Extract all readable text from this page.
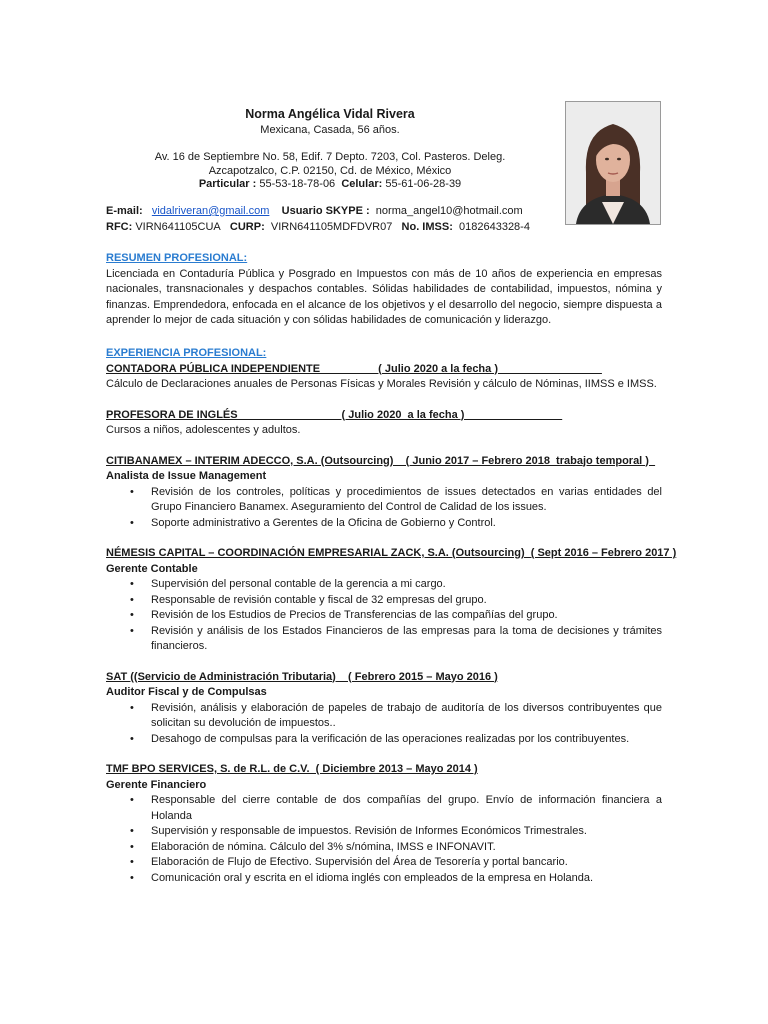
Norma Angélica Vidal Rivera
Mexicana, Casada, 56 años.
Av. 16 de Septiembre No. 58, Edif. 7 Depto. 7203, Col. Pasteros. Deleg.
Azcapotzalco, C.P. 02150, Cd. de México, México
Particular : 55-53-18-78-06 Celular: 55-61-06-28-39
E-mail: vidalriveran@gmail.com Usuario SKYPE : norma_angel10@hotmail.com
RFC: VIRN641105CUA CURP: VIRN641105MDFDVR07 No. IMSS: 0182643328-4
RESUMEN PROFESIONAL:
Licenciada en Contaduría Pública y Posgrado en Impuestos con más de 10 años de experiencia en empresas nacionales, transnacionales y despachos contables. Sólidas habilidades de contabilidad, impuestos, nómina y finanzas. Emprendedora, enfocada en el alcance de los objetivos y el desarrollo del negocio, siempre dispuesta a aprender lo mejor de cada situación y con sólidas habilidades de comunicación y liderazgo.
EXPERIENCIA PROFESIONAL:
CONTADORA PÚBLICA INDEPENDIENTE                   ( Julio 2020 a la fecha )
Cálculo de Declaraciones anuales de Personas Físicas y Morales Revisión y cálculo de Nóminas, IIMSS e IMSS.
PROFESORA DE INGLÉS                                  ( Julio 2020  a la fecha )
Cursos a niños, adolescentes y adultos.
CITIBANAMEX – INTERIM ADECCO, S.A. (Outsourcing)    ( Junio 2017 – Febrero 2018  trabajo temporal )
Analista de Issue Management
• Revisión de los controles, políticas y procedimientos de issues detectados en varias entidades del Grupo Financiero Banamex. Aseguramiento del Control de Calidad de los issues.
• Soporte administrativo a Gerentes de la Oficina de Gobierno y Control.
NÉMESIS CAPITAL – COORDINACIÓN EMPRESARIAL ZACK, S.A. (Outsourcing)  ( Sept 2016 – Febrero 2017 )
Gerente Contable
• Supervisión del personal contable de la gerencia a mi cargo.
• Responsable de revisión contable y fiscal de 32 empresas del grupo.
• Revisión de los Estudios de Precios de Transferencias de las compañías del grupo.
• Revisión y análisis de los Estados Financieros de las empresas para la toma de decisiones y trámites financieros.
SAT ((Servicio de Administración Tributaria)    ( Febrero 2015 – Mayo 2016 )
Auditor Fiscal y de Compulsas
• Revisión, análisis y elaboración de papeles de trabajo de auditoría de los diversos contribuyentes que solicitan su devolución de impuestos..
• Desahogo de compulsas para la verificación de las operaciones realizadas por los contribuyentes.
TMF BPO SERVICES, S. de R.L. de C.V.  ( Diciembre 2013 – Mayo 2014 )
Gerente Financiero
• Responsable del cierre contable de dos compañías del grupo. Envío de información financiera a Holanda
• Supervisión y responsable de impuestos. Revisión de Informes Económicos Trimestrales.
• Elaboración de nómina. Cálculo del 3% s/nómina, IMSS e INFONAVIT.
• Elaboración de Flujo de Efectivo. Supervisión del Área de Tesorería y portal bancario.
• Comunicación oral y escrita en el idioma inglés con empleados de la empresa en Holanda.
